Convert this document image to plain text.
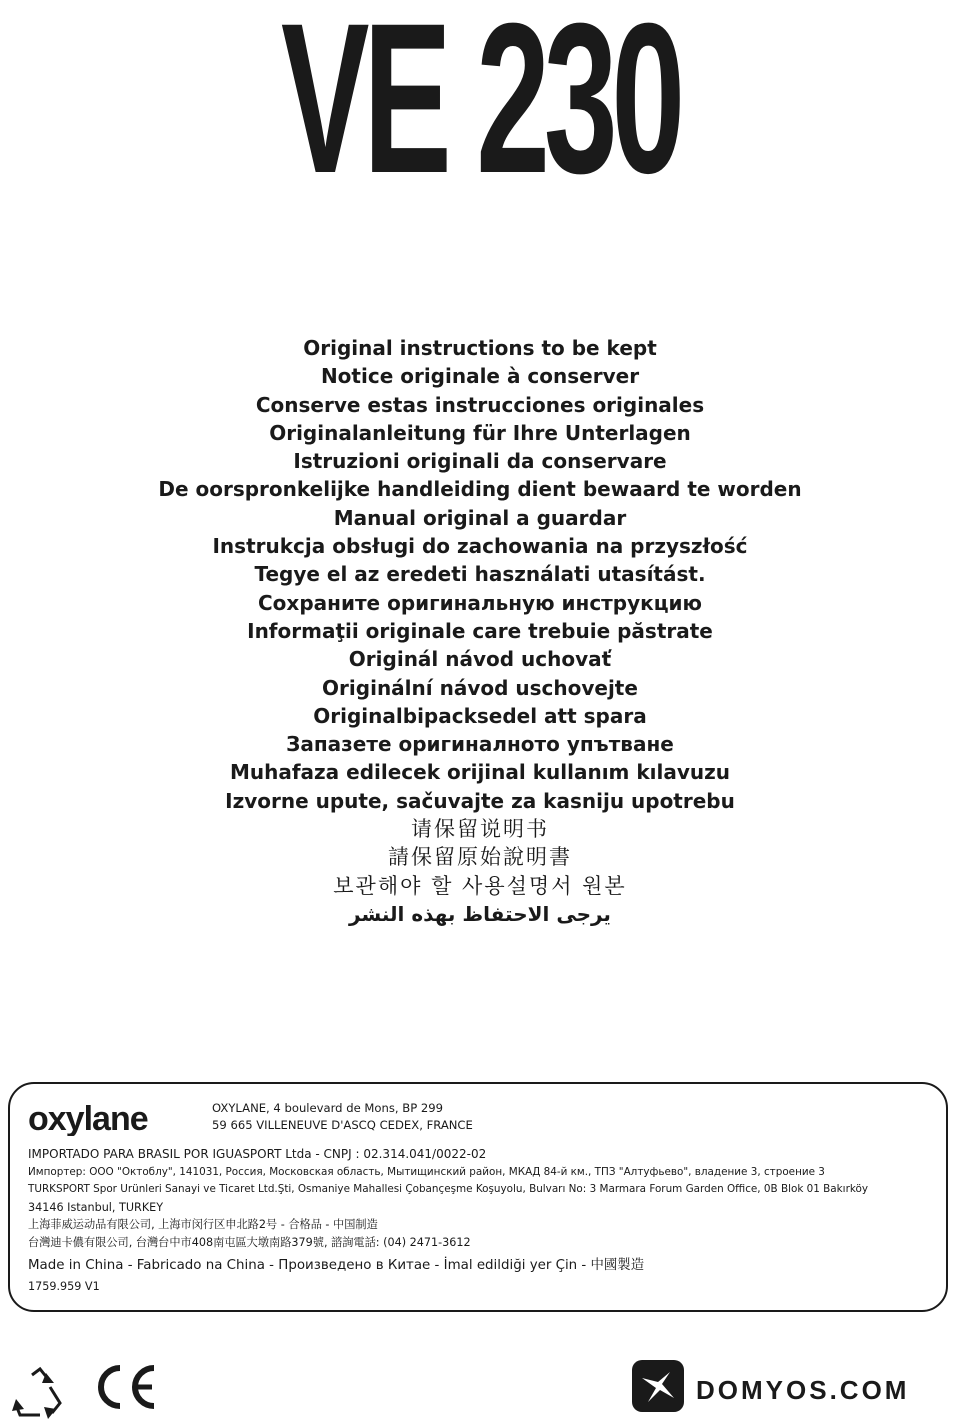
VE 230
Original instructions to be kept
Notice originale à conserver
Conserve estas instrucciones originales
Originalanleitung für Ihre Unterlagen
Istruzioni originali da conservare
De oorspronkelijke handleiding dient bewaard te worden
Manual original a guardar
Instrukcja obsługi do zachowania na przyszłość
Tegye el az eredeti használati utasítást.
Сохраните оригинальную инструкцию
Informaţii originale care trebuie păstrate
Originál návod uchovať
Originální návod uschovejte
Originalbipacksedel att spara
Запазете оригиналното упътване
Muhafaza edilecek orijinal kullanım kılavuzu
Izvorne upute, sačuvajte za kasniju upotrebu
请保留说明书
請保留原始說明書
보관해야 할 사용설명서 원본
يرجى الاحتفاظ بهذه النشر
oxylane	OXYLANE, 4 boulevard de Mons, BP 299
59 665 VILLENEUVE D'ASCQ CEDEX, FRANCE
IMPORTADO PARA BRASIL POR IGUASPORT Ltda - CNPJ : 02.314.041/0022-02
Импортер: ООО "Октоблу", 141031, Россия, Московская область, Мытищинский район, МКАД 84-й км., ТПЗ "Алтуфьево", владение 3, строение 3
TURKSPORT Spor Urünleri Sanayi ve Ticaret Ltd.Şti, Osmaniye Mahallesi Çobançeşme Koşuyolu, Bulvarı No: 3 Marmara Forum Garden Office, 0B Blok 01 Bakırköy
34146 Istanbul, TURKEY
上海菲威运动品有限公司, 上海市闵行区申北路2号 - 合格品 - 中国制造
台灣迪卡儂有限公司, 台灣台中市408南屯區大墩南路379號, 諮詢電話: (04) 2471-3612
Made in China - Fabricado na China - Произведено в Китае - İmal edildiği yer Çin - 中國製造
1759.959 V1
DOMYOS.COM
